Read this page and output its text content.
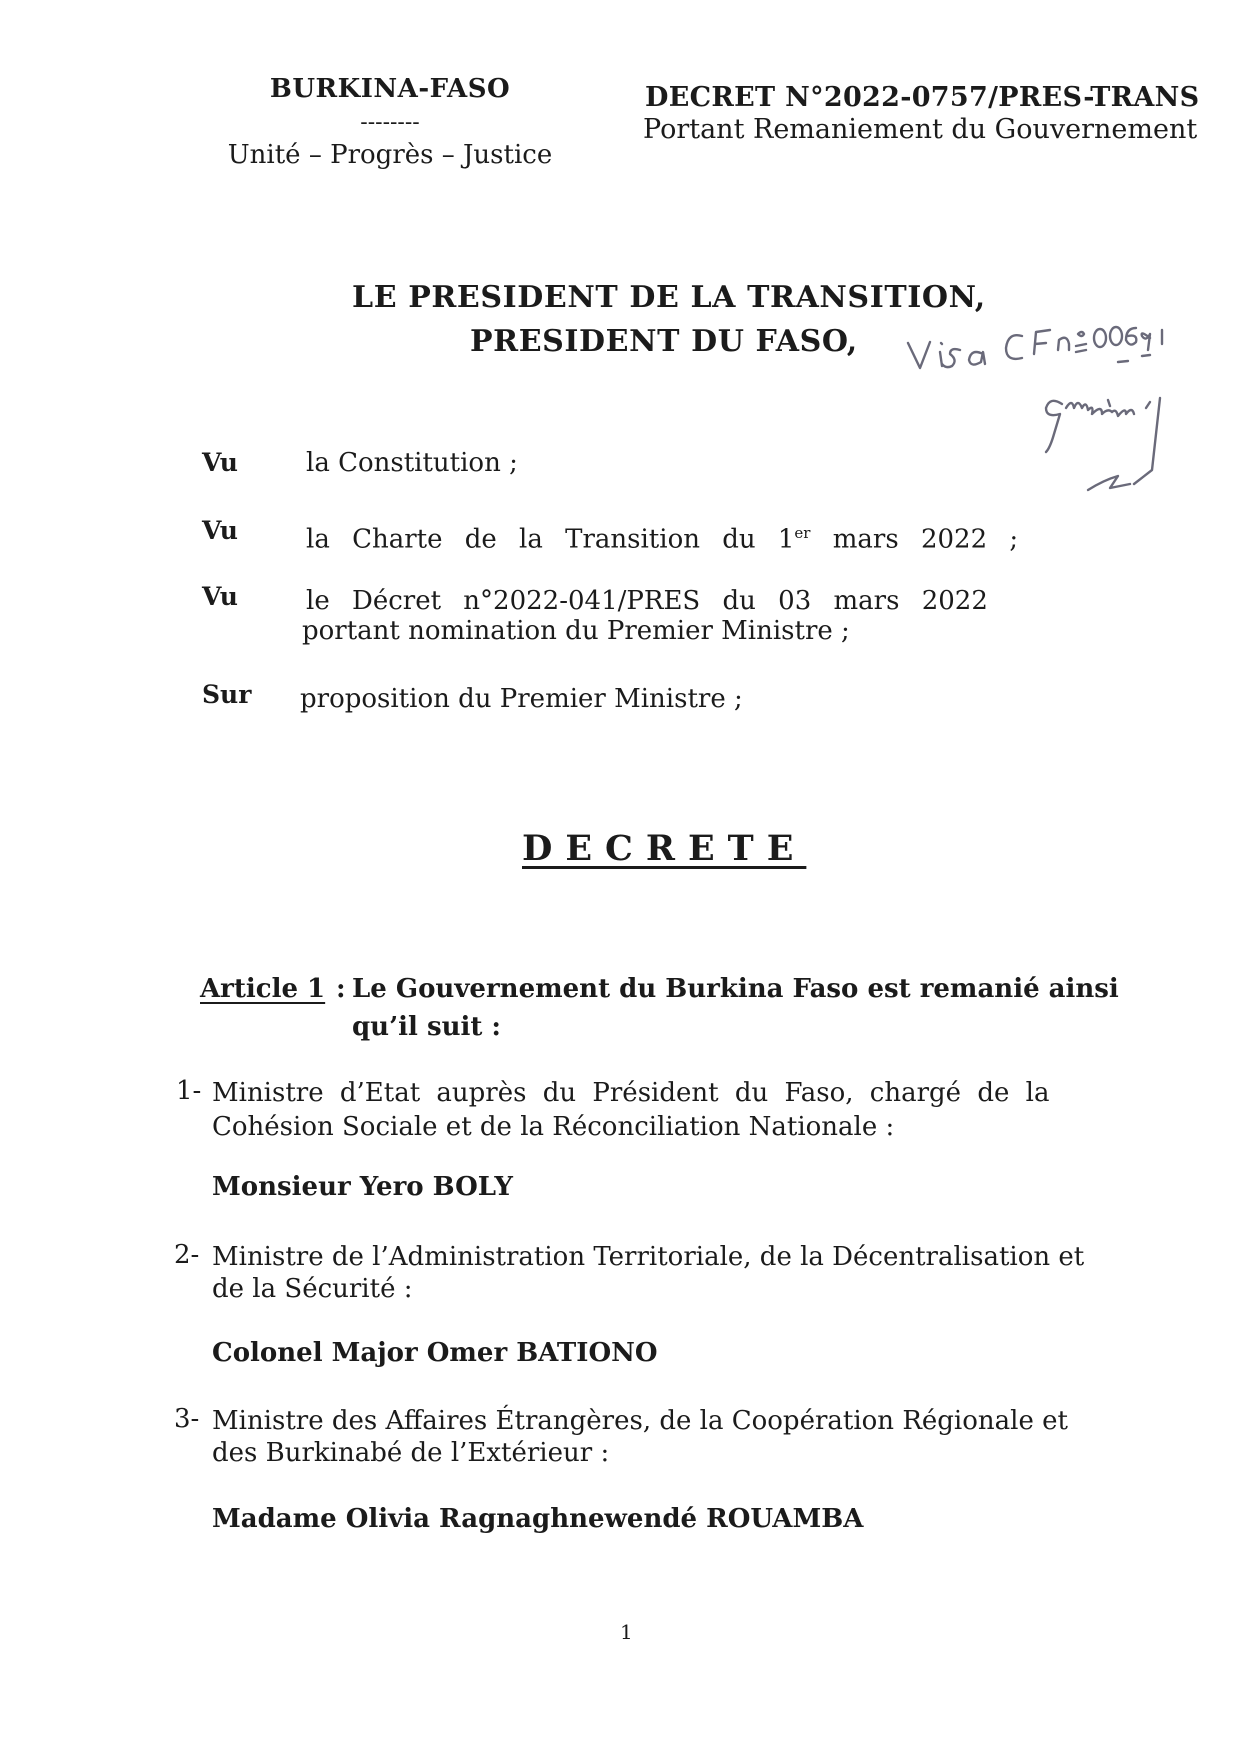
BURKINA-FASO
--------
Unité – Progrès – Justice
DECRET N°2022-0757/PRES-TRANS
Portant Remaniement du Gouvernement
LE PRESIDENT DE LA TRANSITION,
PRESIDENT DU FASO,
Vu	la Constitution ;
Vu	la Charte de la Transition du 1er mars 2022 ;
Vu	le Décret n°2022-041/PRES du 03 mars 2022
portant nomination du Premier Ministre ;
Sur proposition du Premier Ministre ;
DECRETE
Article 1 : Le Gouvernement du Burkina Faso est remanié ainsi
qu’il suit :
1- Ministre d’Etat auprès du Président du Faso, chargé de la
Cohésion Sociale et de la Réconciliation Nationale :
Monsieur Yero BOLY
2- Ministre de l’Administration Territoriale, de la Décentralisation et
de la Sécurité :
Colonel Major Omer BATIONO
3- Ministre des Affaires Étrangères, de la Coopération Régionale et
des Burkinabé de l’Extérieur :
Madame Olivia Ragnaghnewendé ROUAMBA
1
